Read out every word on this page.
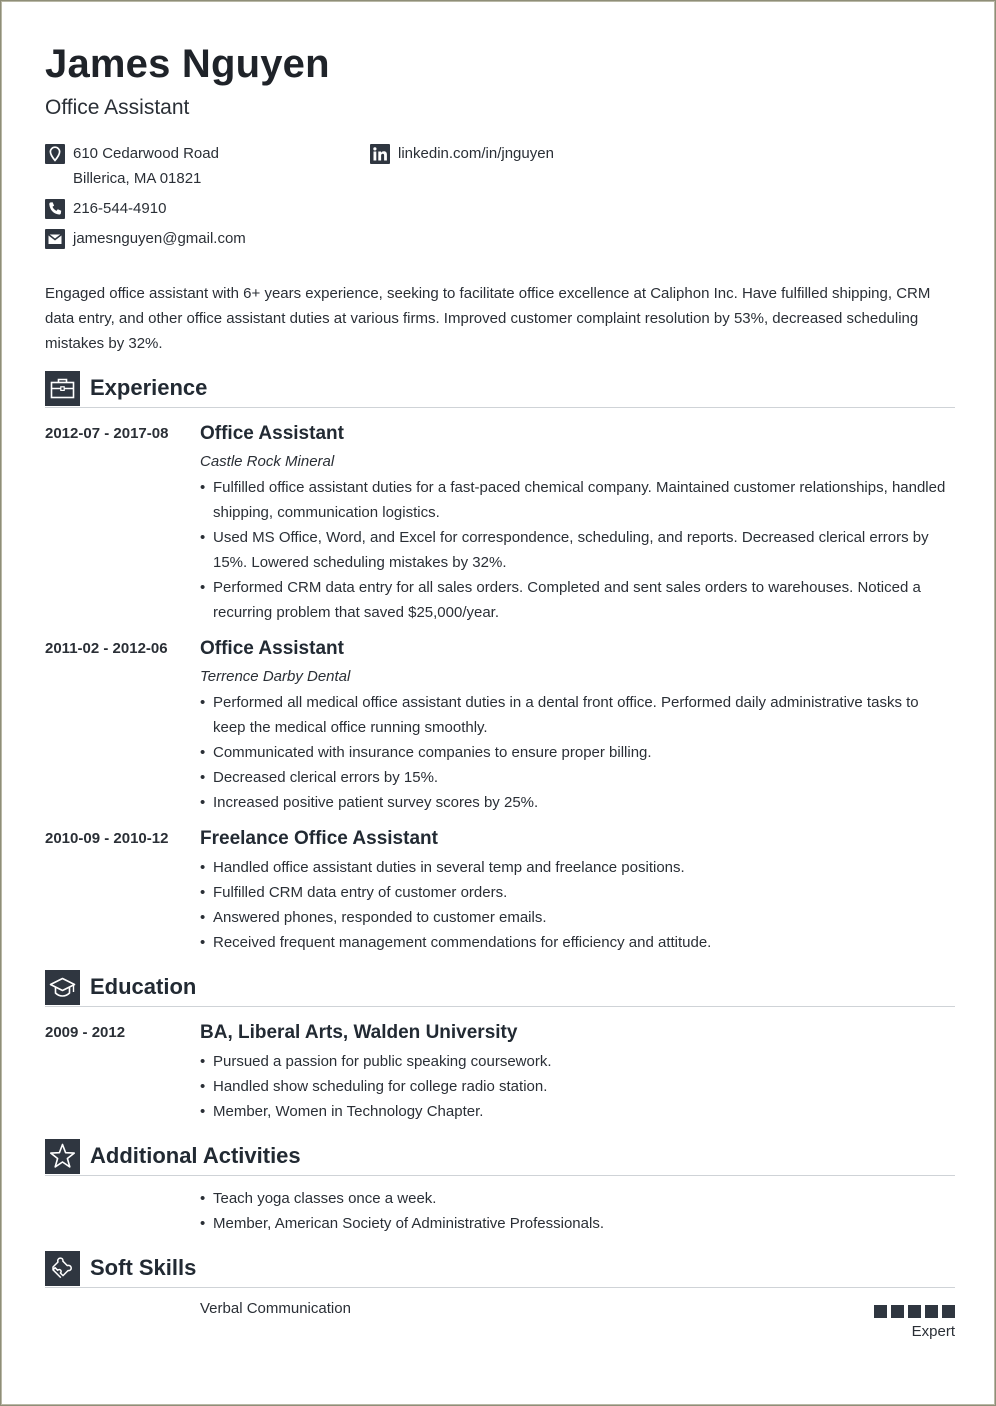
James Nguyen
Office Assistant
610 Cedarwood Road
Billerica, MA 01821
216-544-4910
jamesnguyen@gmail.com
linkedin.com/in/jnguyen
Engaged office assistant with 6+ years experience, seeking to facilitate office excellence at Caliphon Inc. Have fulfilled shipping, CRM data entry, and other office assistant duties at various firms. Improved customer complaint resolution by 53%, decreased scheduling mistakes by 32%.
Experience
2012-07 - 2017-08 Office Assistant
Castle Rock Mineral
• Fulfilled office assistant duties for a fast-paced chemical company. Maintained customer relationships, handled shipping, communication logistics.
• Used MS Office, Word, and Excel for correspondence, scheduling, and reports. Decreased clerical errors by 15%. Lowered scheduling mistakes by 32%.
• Performed CRM data entry for all sales orders. Completed and sent sales orders to warehouses. Noticed a recurring problem that saved $25,000/year.
2011-02 - 2012-06 Office Assistant
Terrence Darby Dental
• Performed all medical office assistant duties in a dental front office. Performed daily administrative tasks to keep the medical office running smoothly.
• Communicated with insurance companies to ensure proper billing.
• Decreased clerical errors by 15%.
• Increased positive patient survey scores by 25%.
2010-09 - 2010-12 Freelance Office Assistant
• Handled office assistant duties in several temp and freelance positions.
• Fulfilled CRM data entry of customer orders.
• Answered phones, responded to customer emails.
• Received frequent management commendations for efficiency and attitude.
Education
2009 - 2012	BA, Liberal Arts, Walden University
• Pursued a passion for public speaking coursework.
• Handled show scheduling for college radio station.
• Member, Women in Technology Chapter.
Additional Activities
• Teach yoga classes once a week.
• Member, American Society of Administrative Professionals.
Soft Skills
Verbal Communication
Expert
